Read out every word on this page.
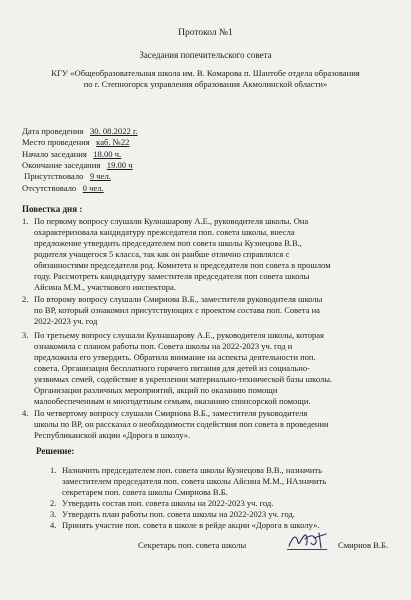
Протокол №1
Заседания попечительского совета
КГУ «Общеобразовательная школа им. В. Комарова п. Шантобе отдела образования
по г. Степногорск управления образования Акмолинской области»
Дата проведения 30. 08.2022 г.
Место проведения каб. №22
Начало заседания 18.00 ч.
Окончание заседания 19.00 ч
Присутствовало 9 чел.
Отсутствовало 0 чел.
Повестка дня :
1. По первому вопросу слушали Кулнашарову А.Е., руководителя школы. Она
охарактеризовала кандидатуру прежседателя поп. совета школы, внесла
предложение утвердить председателем поп совета школы Кузнецова В.В.,
родителя учащегося 5 класса, так как он ранбше отлично справлялся с
обязанностями председателя род. Комитета и председателя поп совета в прошлом
году. Рассмотреть кандидатуру заместителя председателя поп совета школы
Айсина М.М., участкового инспектора.
2. По второму вопросу слушали Смирнова В.Б., заместителя руководителя школы
по ВР, который ознакомил присутствующих с проектом состава поп. Совета на
2022-2023 уч. год
3. По третьему вопросу слушали Кулнашарову А.Е., руководителя школы, которая
ознакомила с планом работы поп. Совета школы на 2022-2023 уч. год и
предложила его утвердить. Обратила внимание на аспекты деятельности поп.
совета. Организация бесплатного горячего питания для детей из социально-
уязвимых семей, содействие в укреплении материально-технической базы школы.
Организации различных мероприятий, акций по оказанию помощи
малообеспеченным и многодетным семьям, оказанию спонсорской помощи.
4. По четвертому вопросу слушали Смирнова В.Б., заместителя руководителя
школы по ВР, он рассказал о необходимости содействия поп совета в проведении
Республиканской акции «Дорога в школу».
Решение:
1. Назначить председателем поп. совета школы Кузнецова В.В., назначить
заместителем председателя поп. совета школы Айсина М.М., НАзначить
секретарем поп. совета школы Смирнова В.Б.
2. Утвердить состав поп. совета школы на 2022-2023 уч. год.
3. Утвердить план работы поп. совета школы на 2022-2023 уч. год.
4. Принять участие поп. совета в школе в рейде акции «Дорога в школу».
Секретарь поп. совета школы	Смирнов В.Б.
